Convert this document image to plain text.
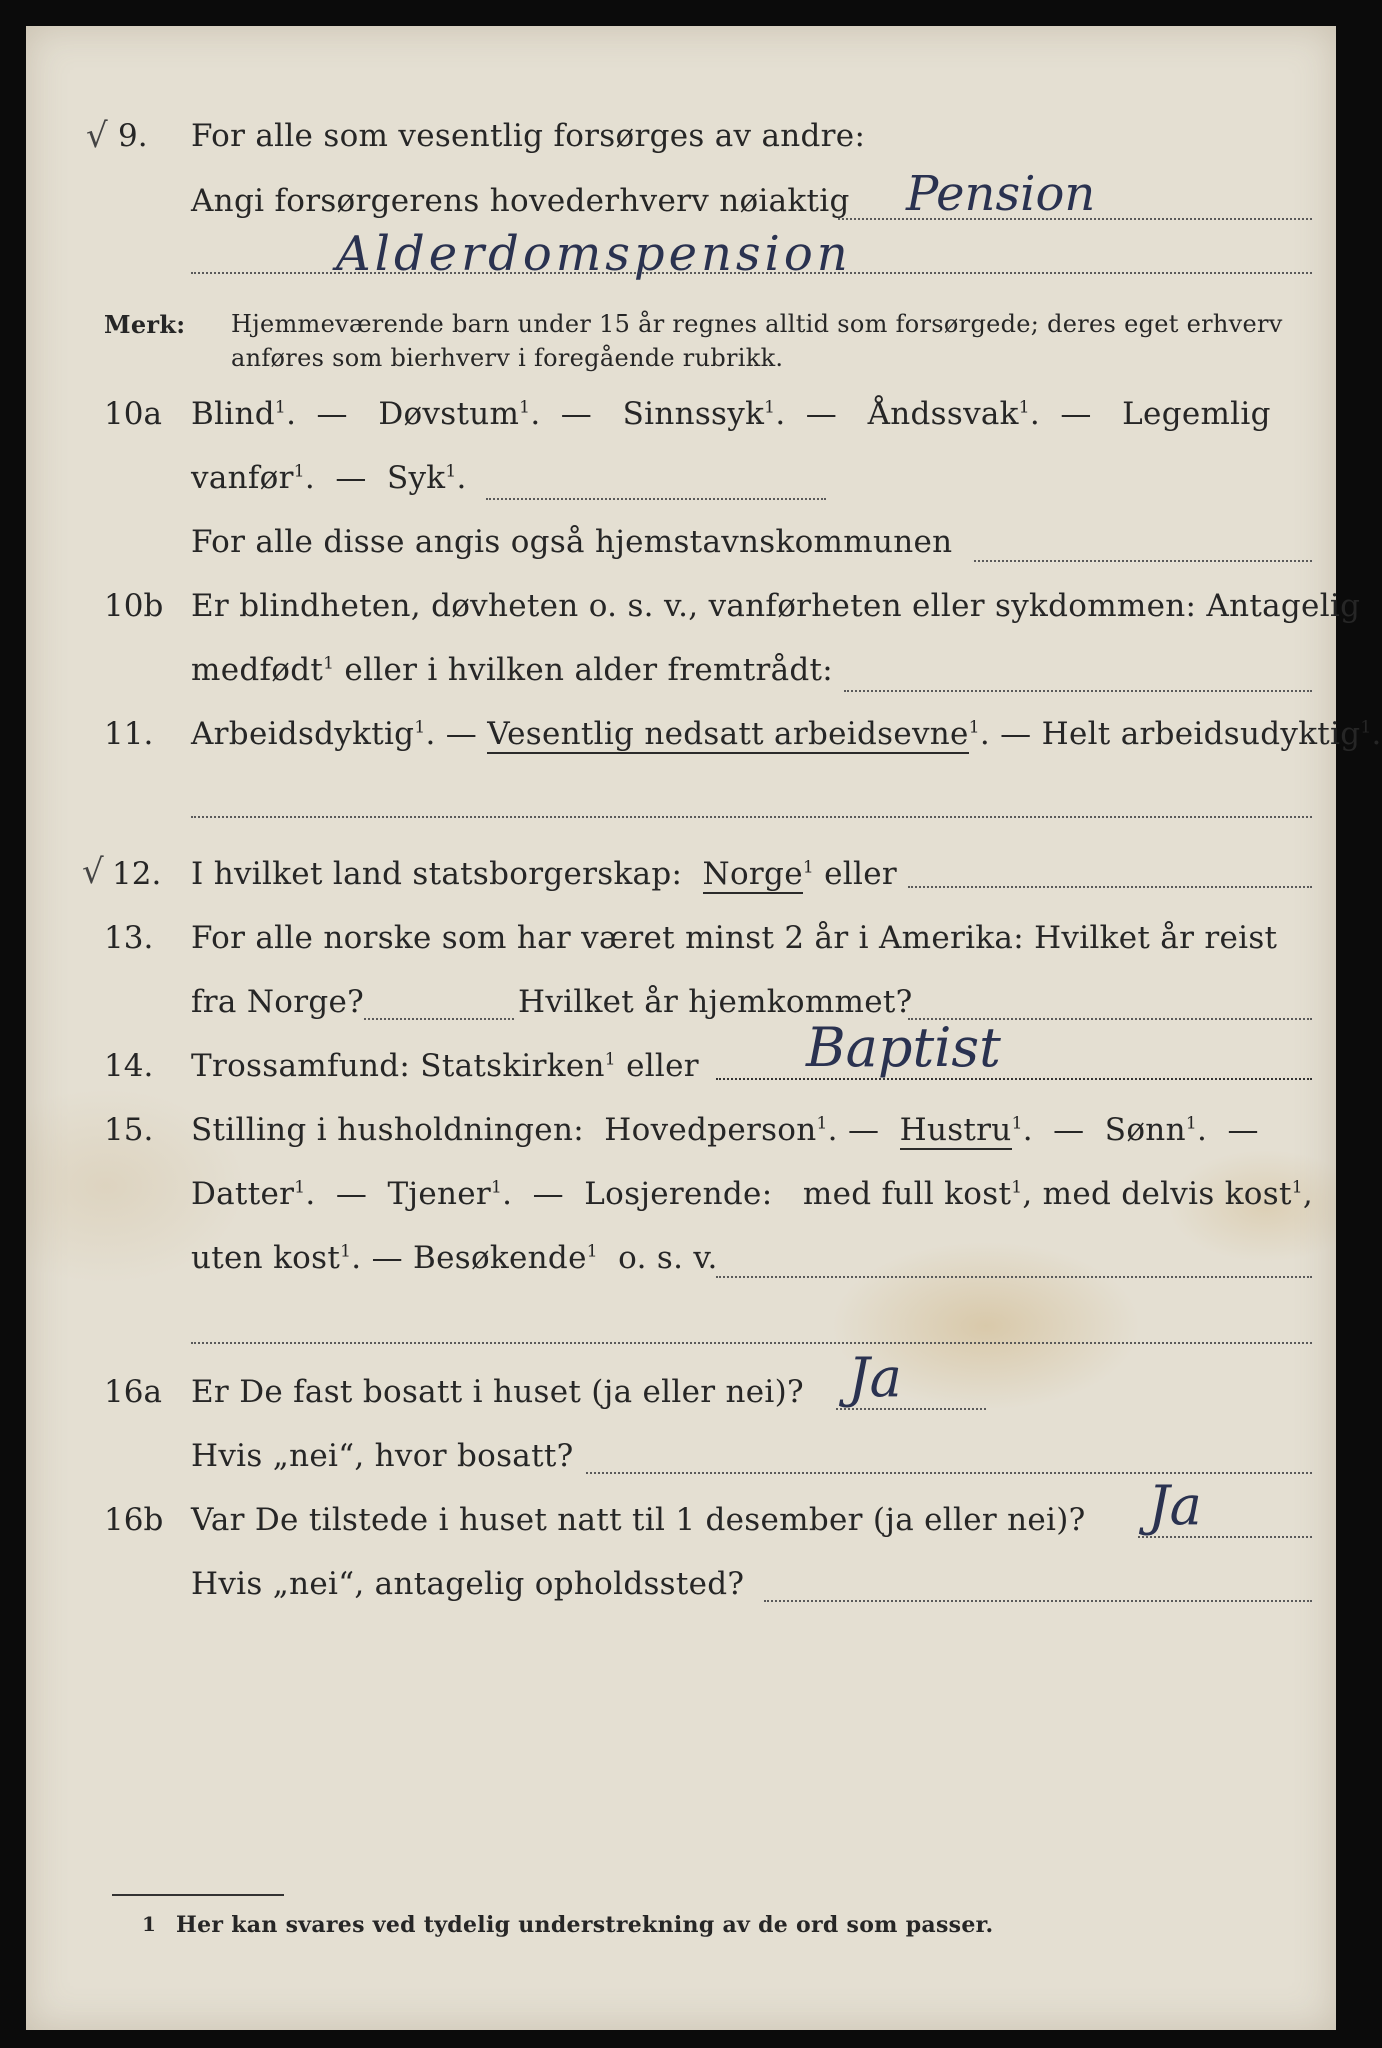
√ 9. For alle som vesentlig forsørges av andre:
Angi forsørgerens hovederhverv nøiaktig Pension
Alderdomspension
Merk: Hjemmeværende barn under 15 år regnes alltid som forsørgede; deres eget erhverv
anføres som bierhverv i foregående rubrikk.
10a Blind$^1$.  — Døvstum$^1$.  — Sinnssyk$^1$.  — Åndssvak$^1$.  — Legemlig
vanfør$^1$.  — Syk$^1$.
For alle disse angis også hjemstavnskommunen
10b Er blindheten, døvheten o. s. v., vanførheten eller sykdommen: Antagelig
medfødt$^1$ eller i hvilken alder fremtrådt:
11. Arbeidsdyktig$^1$. — Vesentlig nedsatt arbeidsevne$^1$. — Helt arbeidsudyktig$^1$.
√ 12. I hvilket land statsborgerskap: Norge$^1$ eller
13. For alle norske som har været minst 2 år i Amerika: Hvilket år reist
fra Norge?	Hvilket år hjemkommet?
14. Trossamfund: Statskirken$^1$ eller Baptist
15. Stilling i husholdningen: Hovedperson$^1$. — Hustru$^1$.  — Sønn$^1$.  —
Datter$^1$.  — Tjener$^1$.  — Losjerende: med full kost$^1$, med delvis kost$^1$,
uten kost$^1$. — Besøkende$^1$ o. s. v.
16a Er De fast bosatt i huset (ja eller nei)? Ja
Hvis „nei“, hvor bosatt?
16b Var De tilstede i huset natt til 1 desember (ja eller nei)? Ja
Hvis „nei“, antagelig opholdssted?
1 Her kan svares ved tydelig understrekning av de ord som passer.
